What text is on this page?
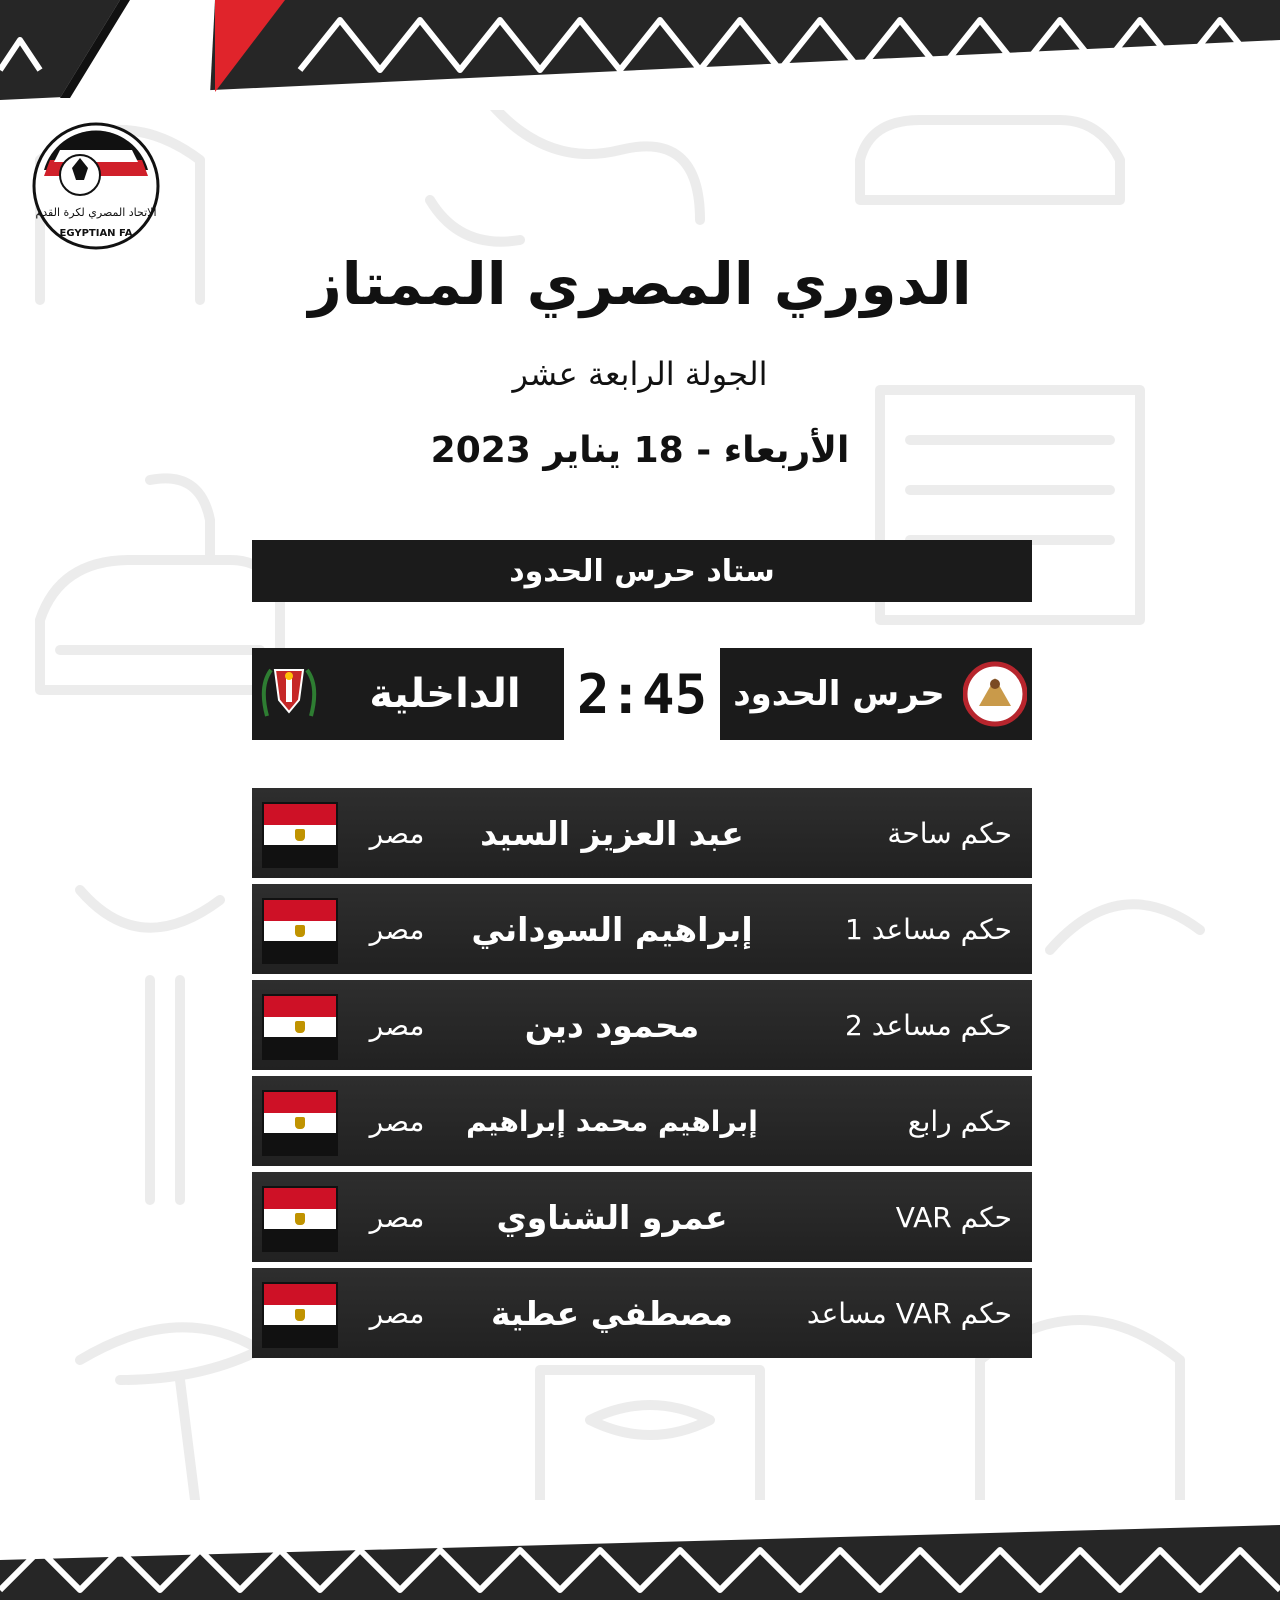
الاتحاد المصري لكرة القدم
EGYPTIAN FA
الدوري المصري الممتاز
الجولة الرابعة عشر
الأربعاء - 18 يناير 2023
ستاد حرس الحدود
حرس الحدود
2:45
الداخلية
حكم ساحة
عبد العزيز السيد
مصر
حكم مساعد 1
إبراهيم السوداني
مصر
حكم مساعد 2
محمود دين
مصر
حكم رابع
إبراهيم محمد إبراهيم
مصر
حكم VAR
عمرو الشناوي
مصر
حكم VAR مساعد
مصطفي عطية
مصر
